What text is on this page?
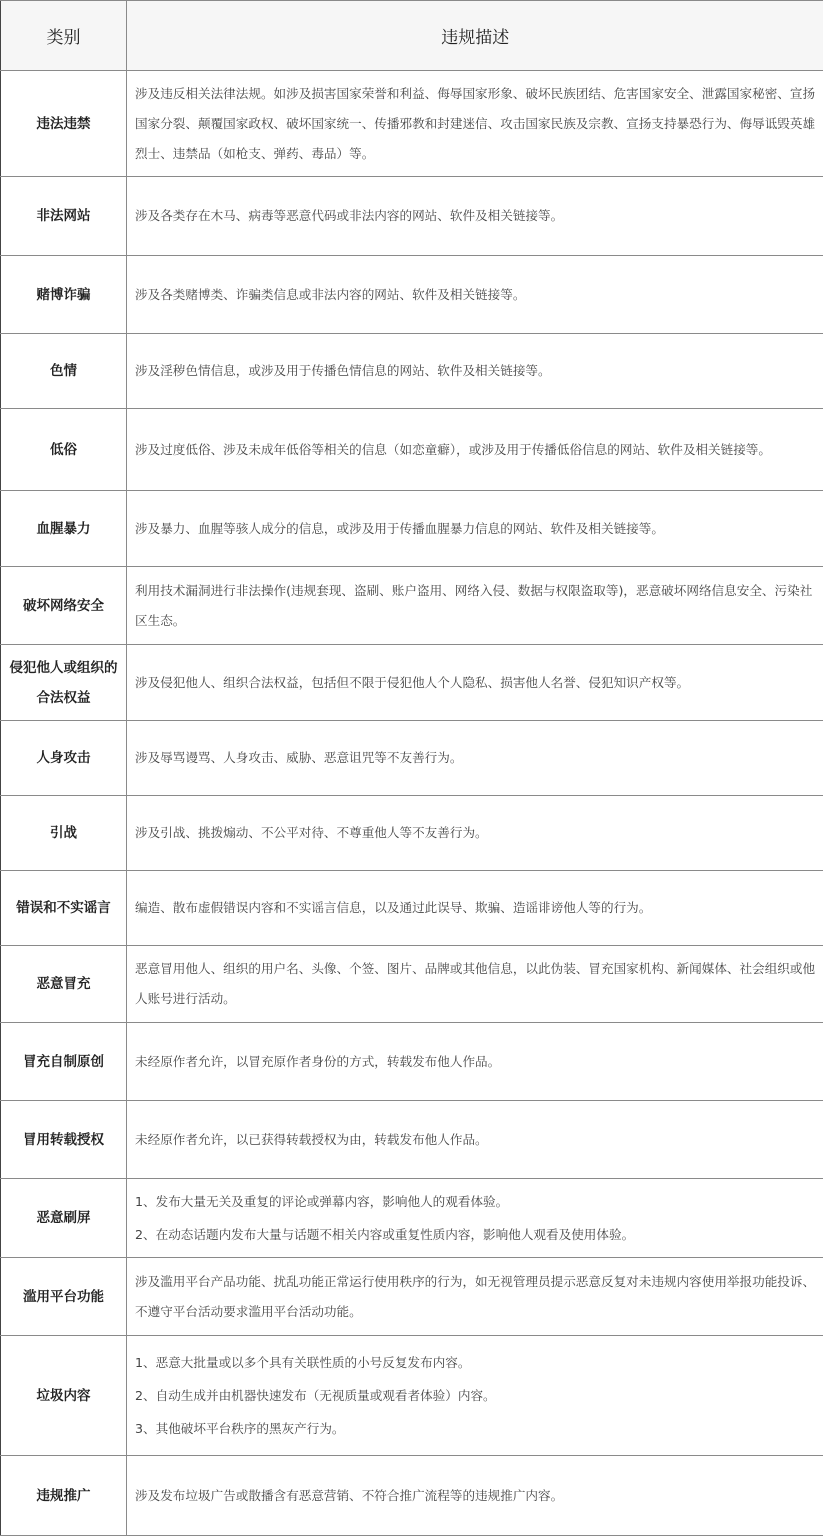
类别	违规描述
违法违禁	涉及违反相关法律法规。如涉及损害国家荣誉和利益、侮辱国家形象、破坏民族团结、危害国家安全、泄露国家秘密、宣扬国家分裂、颠覆国家政权、破坏国家统一、传播邪教和封建迷信、攻击国家民族及宗教、宣扬支持暴恐行为、侮辱诋毁英雄烈士、违禁品（如枪支、弹药、毒品）等。

非法网站	涉及各类存在木马、病毒等恶意代码或非法内容的网站、软件及相关链接等。

赌博诈骗	涉及各类赌博类、诈骗类信息或非法内容的网站、软件及相关链接等。

色情	涉及淫秽色情信息，或涉及用于传播色情信息的网站、软件及相关链接等。

低俗	涉及过度低俗、涉及未成年低俗等相关的信息（如恋童癖），或涉及用于传播低俗信息的网站、软件及相关链接等。

血腥暴力	涉及暴力、血腥等骇人成分的信息，或涉及用于传播血腥暴力信息的网站、软件及相关链接等。

破坏网络安全	利用技术漏洞进行非法操作(违规套现、盗刷、账户盗用、网络入侵、数据与权限盗取等)，恶意破坏网络信息安全、污染社区生态。

侵犯他人或组织的合法权益	涉及侵犯他人、组织合法权益，包括但不限于侵犯他人个人隐私、损害他人名誉、侵犯知识产权等。

人身攻击	涉及辱骂谩骂、人身攻击、威胁、恶意诅咒等不友善行为。

引战	涉及引战、挑拨煽动、不公平对待、不尊重他人等不友善行为。

错误和不实谣言	编造、散布虚假错误内容和不实谣言信息，以及通过此误导、欺骗、造谣诽谤他人等的行为。

恶意冒充	恶意冒用他人、组织的用户名、头像、个签、图片、品牌或其他信息，以此伪装、冒充国家机构、新闻媒体、社会组织或他人账号进行活动。

冒充自制原创	未经原作者允许，以冒充原作者身份的方式，转载发布他人作品。

冒用转载授权	未经原作者允许，以已获得转载授权为由，转载发布他人作品。

恶意刷屏	1、发布大量无关及重复的评论或弹幕内容，影响他人的观看体验。

2、在动态话题内发布大量与话题不相关内容或重复性质内容，影响他人观看及使用体验。

滥用平台功能	涉及滥用平台产品功能、扰乱功能正常运行使用秩序的行为，如无视管理员提示恶意反复对未违规内容使用举报功能投诉、不遵守平台活动要求滥用平台活动功能。

垃圾内容	1、恶意大批量或以多个具有关联性质的小号反复发布内容。

2、自动生成并由机器快速发布（无视质量或观看者体验）内容。

3、其他破坏平台秩序的黑灰产行为。

违规推广	涉及发布垃圾广告或散播含有恶意营销、不符合推广流程等的违规推广内容。
